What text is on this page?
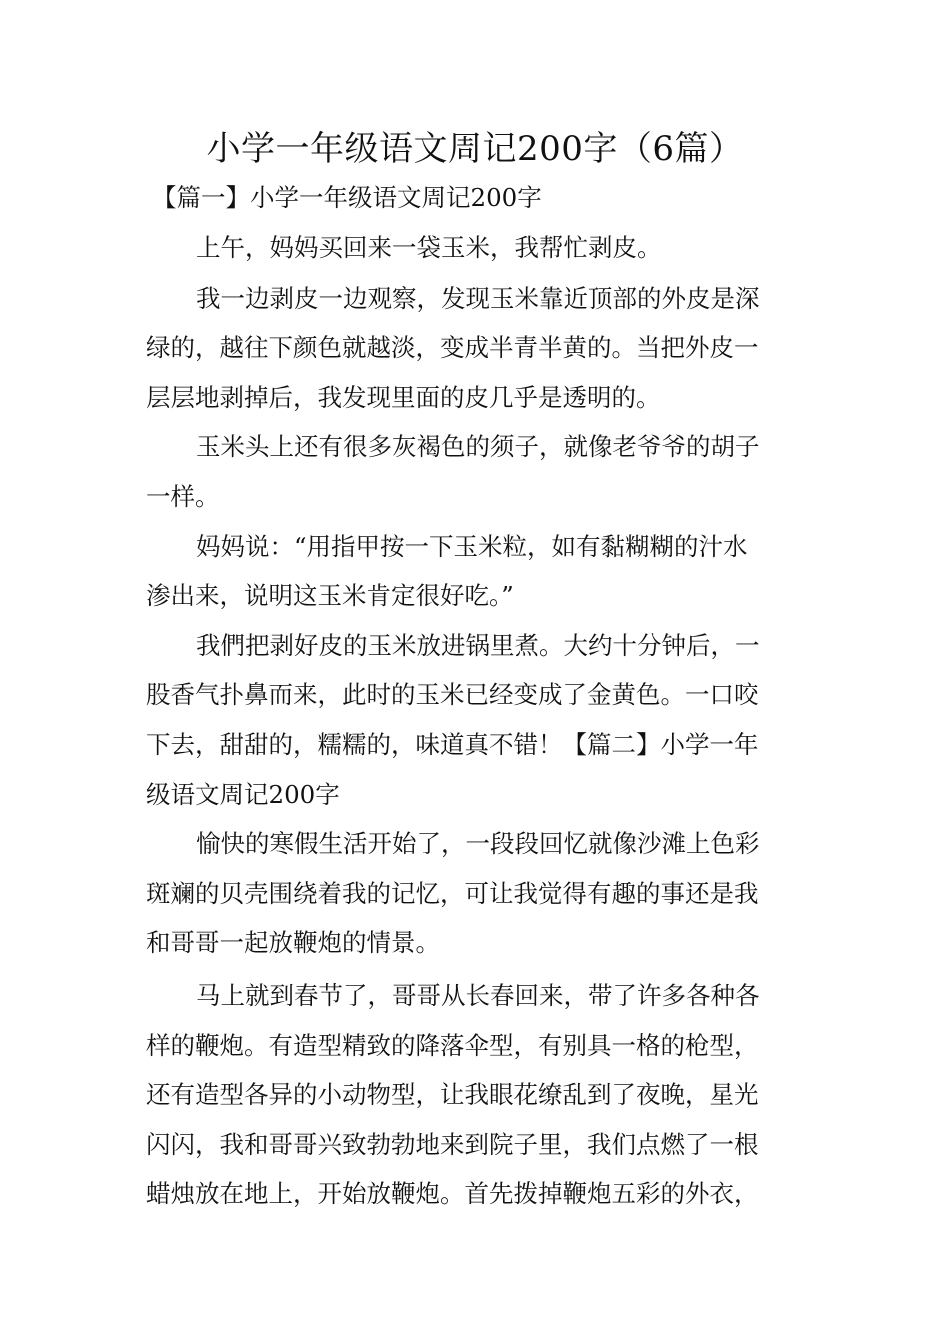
小学一年级语文周记200字（6篇）
【篇一】小学一年级语文周记200字
上午，妈妈买回来一袋玉米，我帮忙剥皮。
我一边剥皮一边观察，发现玉米靠近顶部的外皮是深
绿的，越往下颜色就越淡，变成半青半黄的。当把外皮一
层层地剥掉后，我发现里面的皮几乎是透明的。
玉米头上还有很多灰褐色的须子，就像老爷爷的胡子
一样。
妈妈说：“用指甲按一下玉米粒，如有黏糊糊的汁水
渗出来，说明这玉米肯定很好吃。”
我們把剥好皮的玉米放进锅里煮。大约十分钟后，一
股香气扑鼻而来，此时的玉米已经变成了金黄色。一口咬
下去，甜甜的，糯糯的，味道真不错！【篇二】小学一年
级语文周记200字
愉快的寒假生活开始了，一段段回忆就像沙滩上色彩
斑斓的贝壳围绕着我的记忆，可让我觉得有趣的事还是我
和哥哥一起放鞭炮的情景。
马上就到春节了，哥哥从长春回来，带了许多各种各
样的鞭炮。有造型精致的降落伞型，有别具一格的枪型，
还有造型各异的小动物型，让我眼花缭乱到了夜晚，星光
闪闪，我和哥哥兴致勃勃地来到院子里，我们点燃了一根
蜡烛放在地上，开始放鞭炮。首先拨掉鞭炮五彩的外衣，
